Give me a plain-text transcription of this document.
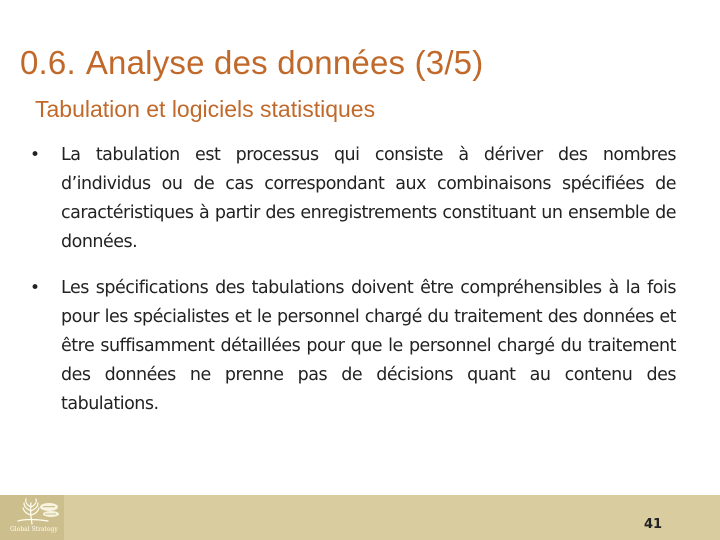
0.6. Analyse des données (3/5)
Tabulation et logiciels statistiques
• La tabulation est processus qui consiste à dériver des nombres d’individus ou de cas correspondant aux combinaisons spécifiées de caractéristiques à partir des enregistrements constituant un ensemble de données.
• Les spécifications des tabulations doivent être compréhensibles à la fois pour les spécialistes et le personnel chargé du traitement des données et être suffisamment détaillées pour que le personnel chargé du traitement des données ne prenne pas de décisions quant au contenu des tabulations.
Global Strategy	41
